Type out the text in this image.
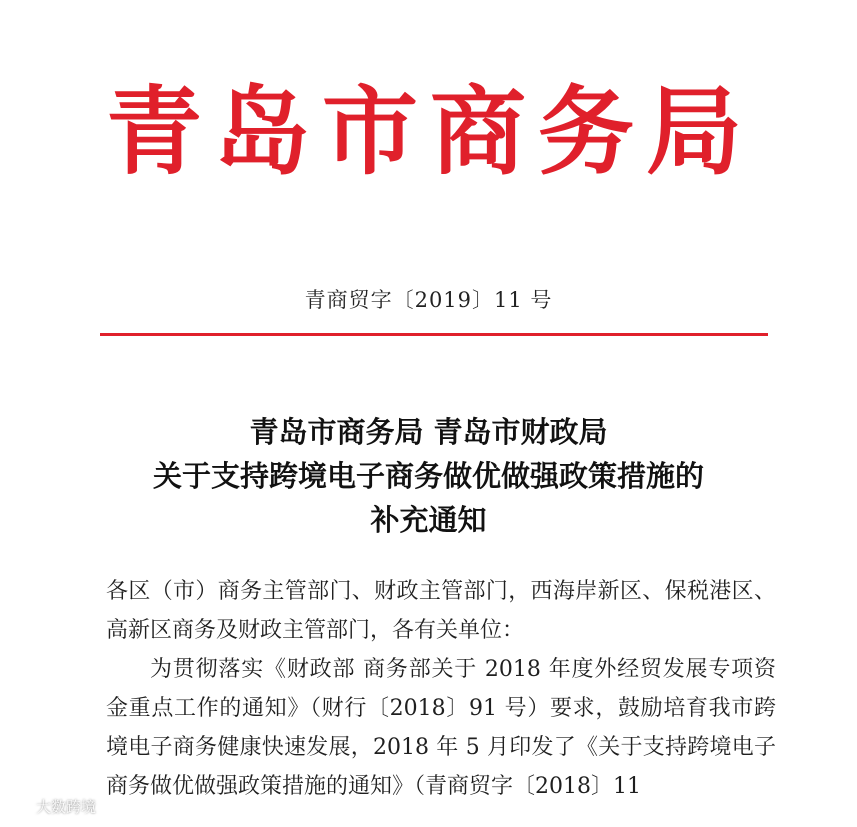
青岛市商务局
青商贸字〔2019〕11 号
青岛市商务局 青岛市财政局
关于支持跨境电子商务做优做强政策措施的
补充通知

各区（市）商务主管部门、财政主管部门，西海岸新区、保税港区、高新区商务及财政主管部门，各有关单位：

为贯彻落实《财政部 商务部关于 2018 年度外经贸发展专项资金重点工作的通知》（财行〔2018〕91 号）要求，鼓励培育我市跨境电子商务健康快速发展，2018 年 5 月印发了《关于支持跨境电子商务做优做强政策措施的通知》（青商贸字〔2018〕11

大数跨境
